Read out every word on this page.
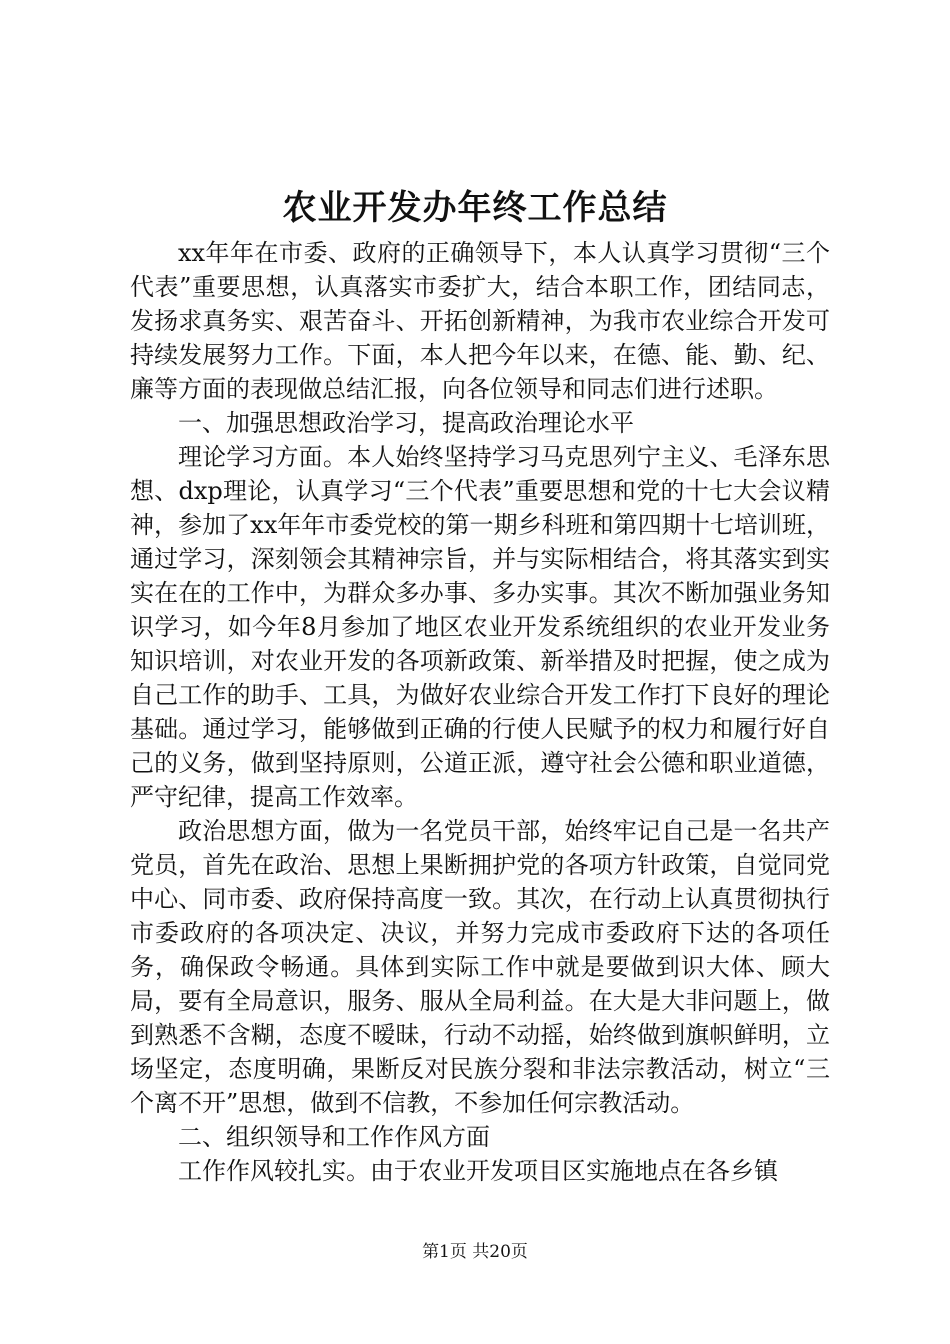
农业开发办年终工作总结

xx年年在市委、政府的正确领导下，本人认真学习贯彻“三个代表”重要思想，认真落实市委扩大，结合本职工作，团结同志，发扬求真务实、艰苦奋斗、开拓创新精神，为我市农业综合开发可持续发展努力工作。下面，本人把今年以来，在德、能、勤、纪、廉等方面的表现做总结汇报，向各位领导和同志们进行述职。

一、加强思想政治学习，提高政治理论水平

理论学习方面。本人始终坚持学习马克思列宁主义、毛泽东思想、dxp理论，认真学习“三个代表”重要思想和党的十七大会议精神，参加了xx年年市委党校的第一期乡科班和第四期十七培训班，通过学习，深刻领会其精神宗旨，并与实际相结合，将其落实到实实在在的工作中，为群众多办事、多办实事。其次不断加强业务知识学习，如今年8月参加了地区农业开发系统组织的农业开发业务知识培训，对农业开发的各项新政策、新举措及时把握，使之成为自己工作的助手、工具，为做好农业综合开发工作打下良好的理论基础。通过学习，能够做到正确的行使人民赋予的权力和履行好自己的义务，做到坚持原则，公道正派，遵守社会公德和职业道德，严守纪律，提高工作效率。

政治思想方面，做为一名党员干部，始终牢记自己是一名共产党员，首先在政治、思想上果断拥护党的各项方针政策，自觉同党中心、同市委、政府保持高度一致。其次，在行动上认真贯彻执行市委政府的各项决定、决议，并努力完成市委政府下达的各项任务，确保政令畅通。具体到实际工作中就是要做到识大体、顾大局，要有全局意识，服务、服从全局利益。在大是大非问题上，做到熟悉不含糊，态度不暧昧，行动不动摇，始终做到旗帜鲜明，立场坚定，态度明确，果断反对民族分裂和非法宗教活动，树立“三个离不开”思想，做到不信教，不参加任何宗教活动。

二、组织领导和工作作风方面

工作作风较扎实。由于农业开发项目区实施地点在各乡镇

第1页 共20页
